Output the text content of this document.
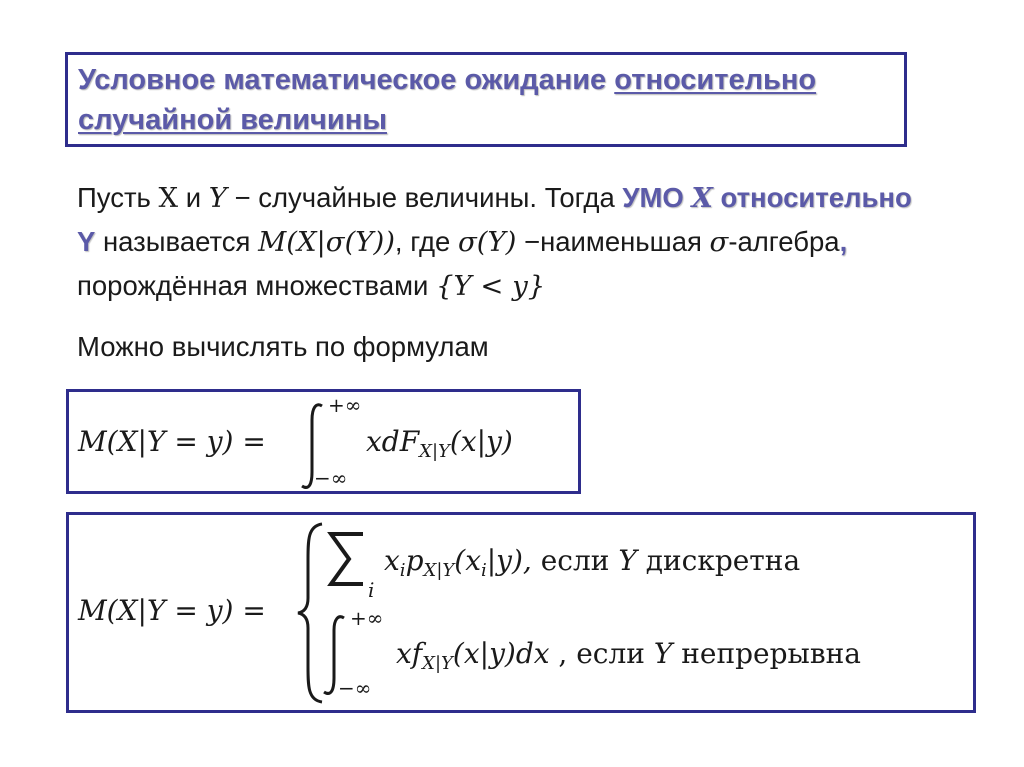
Условное математическое ожидание относительно
случайной величины
Пусть X и Y − случайные величины. Тогда УМО X относительно
Y называется M(X|σ(Y)), где σ(Y) −наименьшая σ-алгебра,
порождённая множествами {Y < y}
Можно вычислять по формулам
M(X|Y = y) =
+∞
−∞
xdF$_{X|Y}$(x|y)
M(X|Y = y) =
i
$x_ip_{X|Y}(x_i|y)$, если Y дискретна
+∞
−∞
$xf_{X|Y}(x|y)dx$ , если Y непрерывна
